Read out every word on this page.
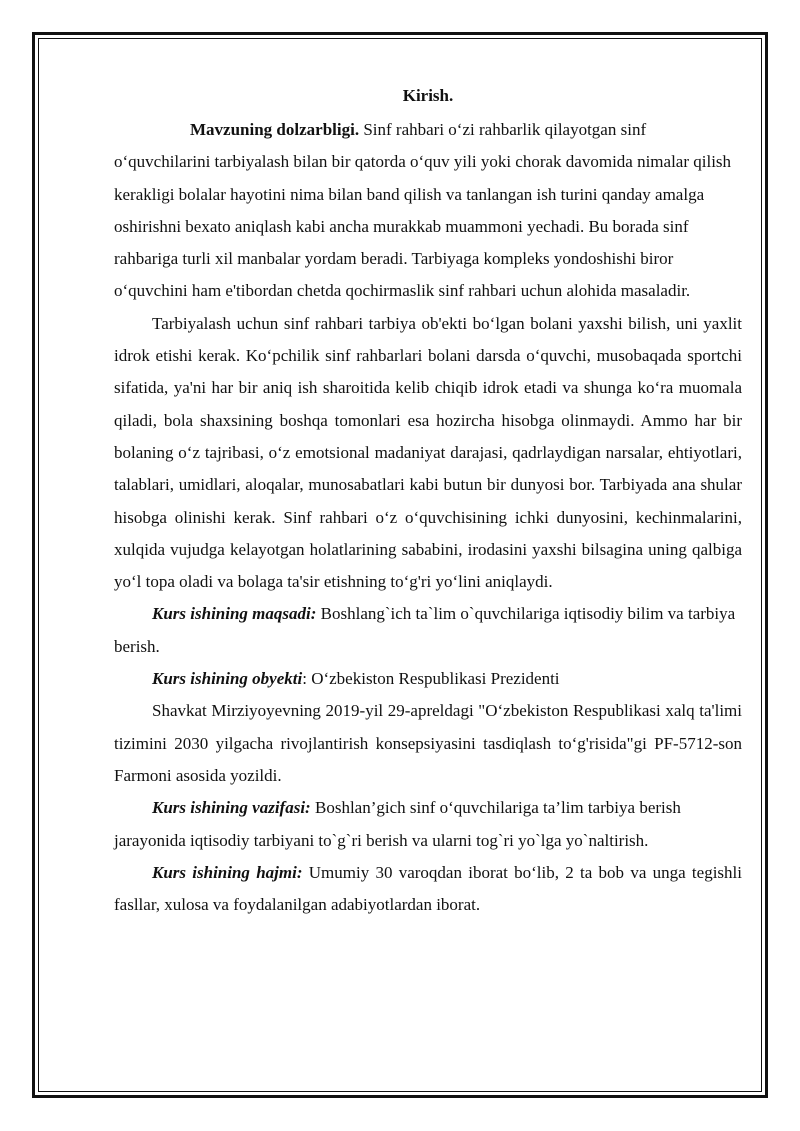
Kirish.

Mavzuning dolzarbligi. Sinf rahbari o‘zi rahbarlik qilayotgan sinf o‘quvchilarini tarbiyalash bilan bir qatorda o‘quv yili yoki chorak davomida nimalar qilish kerakligi bolalar hayotini nima bilan band qilish va tanlangan ish turini qanday amalga oshirishni bexato aniqlash kabi ancha murakkab muammoni yechadi. Bu borada sinf rahbariga turli xil manbalar yordam beradi. Tarbiyaga kompleks yondoshishi biror o‘quvchini ham e'tibordan chetda qochirmaslik sinf rahbari uchun alohida masaladir.

Tarbiyalash uchun sinf rahbari tarbiya ob'ekti bo‘lgan bolani yaxshi bilish, uni yaxlit idrok etishi kerak. Ko‘pchilik sinf rahbarlari bolani darsda o‘quvchi, musobaqada sportchi sifatida, ya'ni har bir aniq ish sharoitida kelib chiqib idrok etadi va shunga ko‘ra muomala qiladi, bola shaxsining boshqa tomonlari esa hozircha hisobga olinmaydi. Ammo har bir bolaning o‘z tajribasi, o‘z emotsional madaniyat darajasi, qadrlaydigan narsalar, ehtiyotlari, talablari, umidlari, aloqalar, munosabatlari kabi butun bir dunyosi bor. Tarbiyada ana shular hisobga olinishi kerak. Sinf rahbari o‘z o‘quvchisining ichki dunyosini, kechinmalarini, xulqida vujudga kelayotgan holatlarining sababini, irodasini yaxshi bilsagina uning qalbiga yo‘l topa oladi va bolaga ta'sir etishning to‘g'ri yo‘lini aniqlaydi.

Kurs ishining maqsadi: Boshlang`ich ta`lim o`quvchilariga iqtisodiy bilim va tarbiya berish.

Kurs ishining obyekti: O‘zbekiston Respublikasi Prezidenti

Shavkat Mirziyoyevning 2019-yil 29-apreldagi "O‘zbekiston Respublikasi xalq ta'limi tizimini 2030 yilgacha rivojlantirish konsepsiyasini tasdiqlash to‘g'risida"gi PF-5712-son Farmoni asosida yozildi.

Kurs ishining vazifasi: Boshlan’gich sinf o‘quvchilariga ta’lim tarbiya berish jarayonida iqtisodiy tarbiyani to`g`ri berish va ularni tog`ri yo`lga yo`naltirish.

Kurs ishining hajmi: Umumiy 30 varoqdan iborat bo‘lib, 2 ta bob va unga tegishli fasllar, xulosa va foydalanilgan adabiyotlardan iborat.
